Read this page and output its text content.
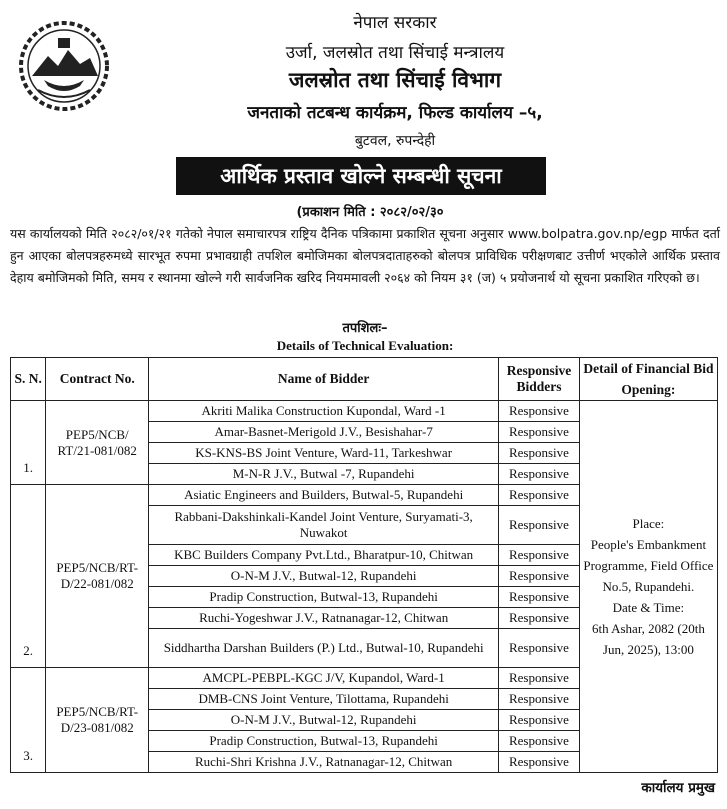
नेपाल सरकार
उर्जा, जलस्रोत तथा सिंचाई मन्त्रालय
जलस्रोत तथा सिंचाई विभाग
जनताको तटबन्ध कार्यक्रम, फिल्ड कार्यालय –५,
बुटवल, रुपन्देही
आर्थिक प्रस्ताव खोल्ने सम्बन्धी सूचना
(प्रकाशन मिति : २०८२/०२/३०
यस कार्यालयको मिति २०८२/०१/२१ गतेको नेपाल समाचारपत्र राष्ट्रिय दैनिक पत्रिकामा प्रकाशित सूचना अनुसार www.bolpatra.gov.np/egp मार्फत दर्ता हुन आएका बोलपत्रहरुमध्ये सारभूत रुपमा प्रभावग्राही तपशिल बमोजिमका बोलपत्रदाताहरुको बोलपत्र प्राविधिक परीक्षणबाट उत्तीर्ण भएकोले आर्थिक प्रस्ताव देहाय बमोजिमको मिति, समय र स्थानमा खोल्ने गरी सार्वजनिक खरिद नियममावली २०६४ को नियम ३१ (ज) ५ प्रयोजनार्थ यो सूचना प्रकाशित गरिएको छ।
तपशिलः–
Details of Technical Evaluation:
S. N.	Contract No.	Name of Bidder	Responsive Bidders	Detail of Financial Bid Opening:
1.	PEP5/NCB/ RT/21-081/082	Akriti Malika Construction Kupondal, Ward -1	Responsive	Place:
People's Embankment Programme, Field Office No.5, Rupandehi.
Date & Time:
6th Ashar, 2082 (20th Jun, 2025), 13:00

		Amar-Basnet-Merigold J.V., Besishahar-7	Responsive	
		KS-KNS-BS Joint Venture, Ward-11, Tarkeshwar	Responsive	
		M-N-R J.V., Butwal -7, Rupandehi	Responsive	
2.	PEP5/NCB/RT-D/22-081/082	Asiatic Engineers and Builders, Butwal-5, Rupandehi	Responsive	
		Rabbani-Dakshinkali-Kandel Joint Venture, Suryamati-3, Nuwakot	Responsive	
		KBC Builders Company Pvt.Ltd., Bharatpur-10, Chitwan	Responsive	
		O-N-M J.V., Butwal-12, Rupandehi	Responsive	
		Pradip Construction, Butwal-13, Rupandehi	Responsive	
		Ruchi-Yogeshwar J.V., Ratnanagar-12, Chitwan	Responsive	
		Siddhartha Darshan Builders (P.) Ltd., Butwal-10, Rupandehi	Responsive	
3.	PEP5/NCB/RT-D/23-081/082	AMCPL-PEBPL-KGC J/V, Kupandol, Ward-1	Responsive	
		DMB-CNS Joint Venture, Tilottama, Rupandehi	Responsive	
		O-N-M J.V., Butwal-12, Rupandehi	Responsive	
		Pradip Construction, Butwal-13, Rupandehi	Responsive	
		Ruchi-Shri Krishna J.V., Ratnanagar-12, Chitwan	Responsive	
कार्यालय प्रमुख
